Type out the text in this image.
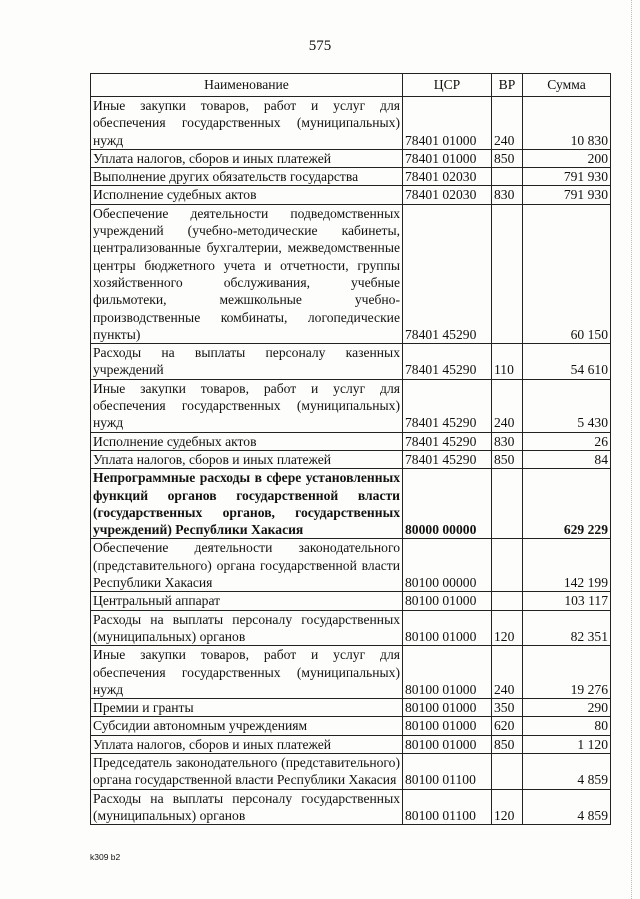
575
Наименование	ЦСР	ВР	Сумма
Иные закупки товаров, работ и услуг для обеспечения государственных (муниципальных) нужд	78401 01000	240	10 830
Уплата налогов, сборов и иных платежей	78401 01000	850	200
Выполнение других обязательств государства	78401 02030		791 930
Исполнение судебных актов	78401 02030	830	791 930
Обеспечение деятельности подведомственных учреждений (учебно-методические кабинеты, централизованные бухгалтерии, межведомственные центры бюджетного учета и отчетности, группы хозяйственного обслуживания, учебные фильмотеки, межшкольные учебно-производственные комбинаты, логопедические пункты)	78401 45290		60 150
Расходы на выплаты персоналу казенных учреждений	78401 45290	110	54 610
Иные закупки товаров, работ и услуг для обеспечения государственных (муниципальных) нужд	78401 45290	240	5 430
Исполнение судебных актов	78401 45290	830	26
Уплата налогов, сборов и иных платежей	78401 45290	850	84
Непрограммные расходы в сфере установленных функций органов государственной власти (государственных органов, государственных учреждений) Республики Хакасия	80000 00000		629 229
Обеспечение деятельности законодательного (представительного) органа государственной власти Республики Хакасия	80100 00000		142 199
Центральный аппарат	80100 01000		103 117
Расходы на выплаты персоналу государственных (муниципальных) органов	80100 01000	120	82 351
Иные закупки товаров, работ и услуг для обеспечения государственных (муниципальных) нужд	80100 01000	240	19 276
Премии и гранты	80100 01000	350	290
Субсидии автономным учреждениям	80100 01000	620	80
Уплата налогов, сборов и иных платежей	80100 01000	850	1 120
Председатель законодательного (представительного) органа государственной власти Республики Хакасия	80100 01100		4 859
Расходы на выплаты персоналу государственных (муниципальных) органов	80100 01100	120	4 859
k309 b2
